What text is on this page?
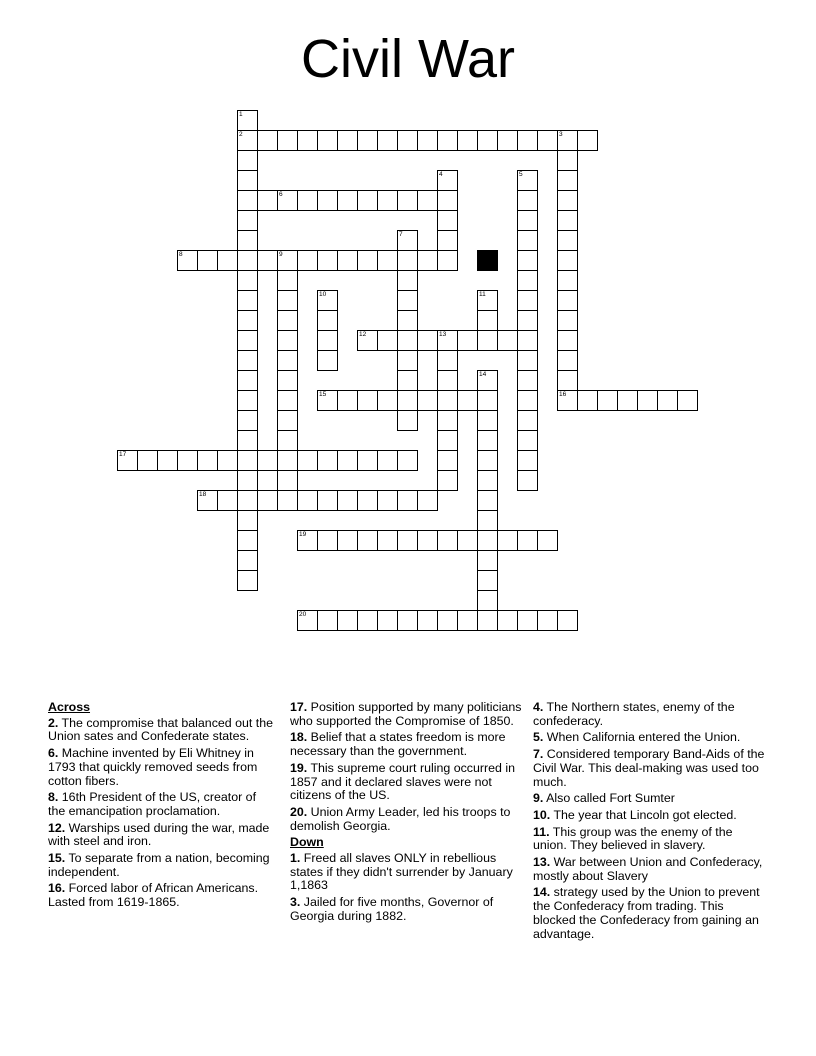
Civil War
1
2	3
4	5
6
7
8	9
10	11
12	13
14
15	16
17
18
19
20
Across
2. The compromise that balanced out the Union sates and Confederate states.
6. Machine invented by Eli Whitney in 1793 that quickly removed seeds from cotton fibers.
8. 16th President of the US, creator of the emancipation proclamation.
12. Warships used during the war, made with steel and iron.
15. To separate from a nation, becoming independent.
16. Forced labor of African Americans. Lasted from 1619-1865.
17. Position supported by many politicians who supported the Compromise of 1850.
18. Belief that a states freedom is more necessary than the government.
19. This supreme court ruling occurred in 1857 and it declared slaves were not citizens of the US.
20. Union Army Leader, led his troops to demolish Georgia.
Down
1. Freed all slaves ONLY in rebellious states if they didn't surrender by January 1,1863
3. Jailed for five months, Governor of Georgia during 1882.
4. The Northern states, enemy of the confederacy.
5. When California entered the Union.
7. Considered temporary Band-Aids of the Civil War. This deal-making was used too much.
9. Also called Fort Sumter
10. The year that Lincoln got elected.
11. This group was the enemy of the union. They believed in slavery.
13. War between Union and Confederacy, mostly about Slavery
14. strategy used by the Union to prevent the Confederacy from trading. This blocked the Confederacy from gaining an advantage.
